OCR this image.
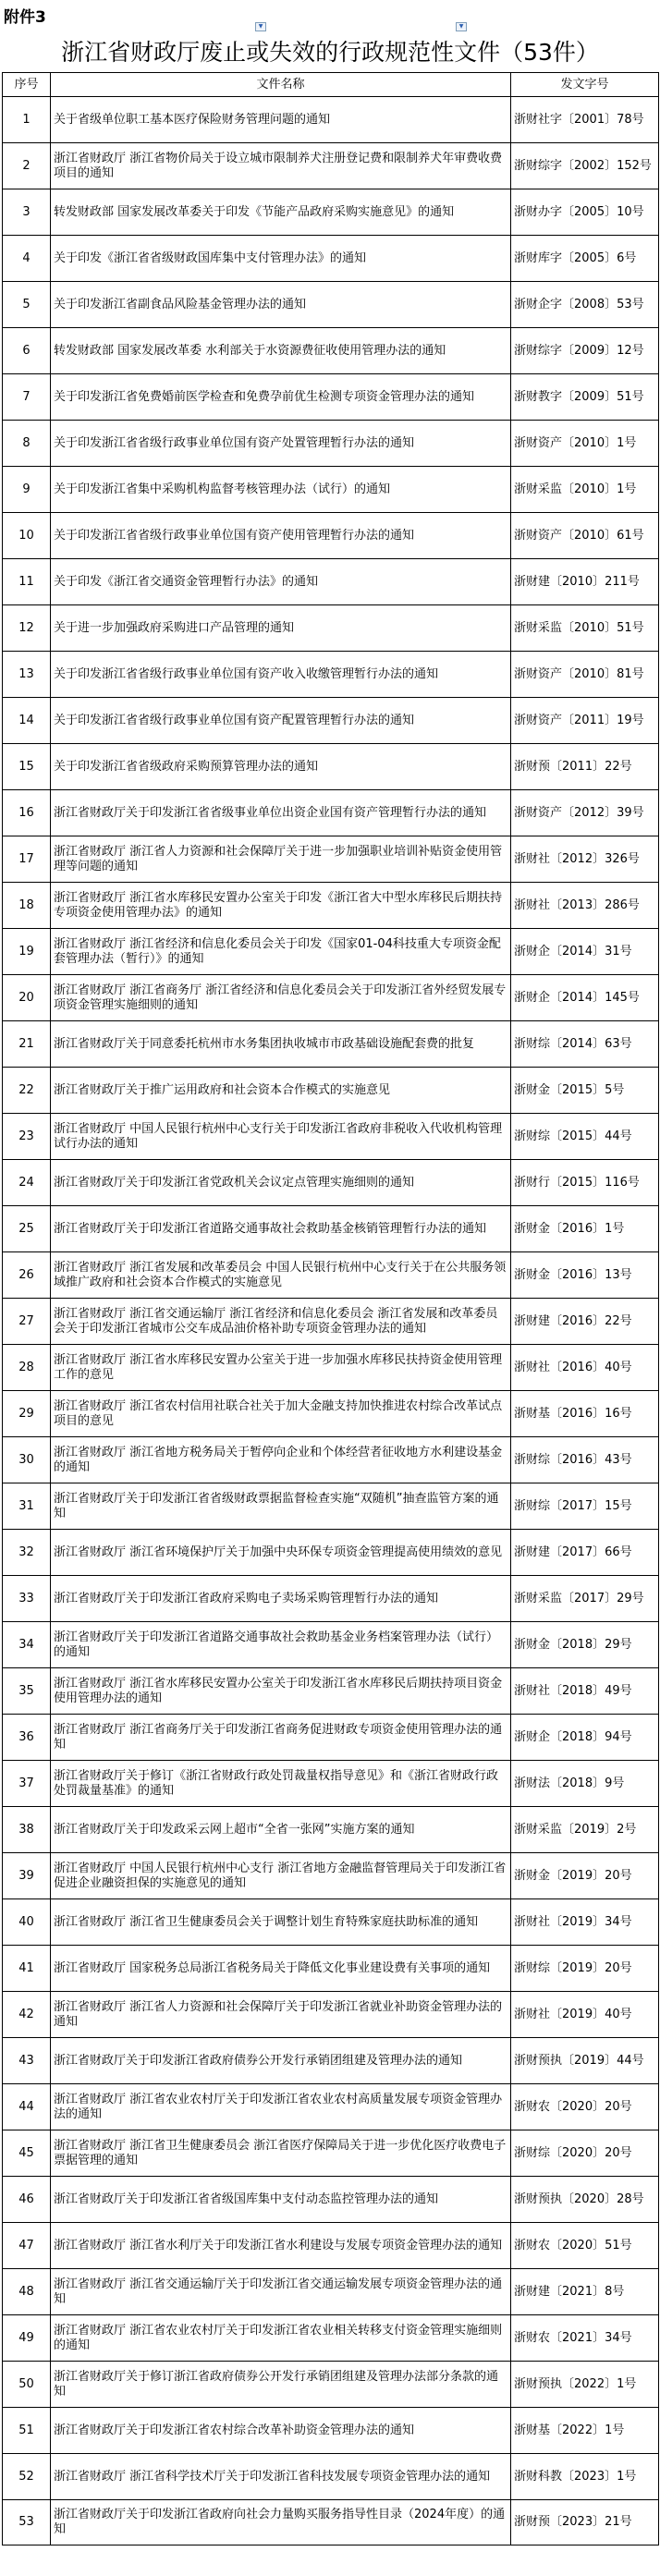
附件3	▼	▼
浙江省财政厅废止或失效的行政规范性文件（53件）
序号	文件名称	发文字号
1	关于省级单位职工基本医疗保险财务管理问题的通知	浙财社字〔2001〕78号
2	浙江省财政厅 浙江省物价局关于设立城市限制养犬注册登记费和限制养犬年审费收费项目的通知	浙财综字〔2002〕152号
3	转发财政部 国家发展改革委关于印发《节能产品政府采购实施意见》的通知	浙财办字〔2005〕10号
4	关于印发《浙江省省级财政国库集中支付管理办法》的通知	浙财库字〔2005〕6号
5	关于印发浙江省副食品风险基金管理办法的通知	浙财企字〔2008〕53号
6	转发财政部 国家发展改革委 水利部关于水资源费征收使用管理办法的通知	浙财综字〔2009〕12号
7	关于印发浙江省免费婚前医学检查和免费孕前优生检测专项资金管理办法的通知	浙财教字〔2009〕51号
8	关于印发浙江省省级行政事业单位国有资产处置管理暂行办法的通知	浙财资产〔2010〕1号
9	关于印发浙江省集中采购机构监督考核管理办法（试行）的通知	浙财采监〔2010〕1号
10	关于印发浙江省省级行政事业单位国有资产使用管理暂行办法的通知	浙财资产〔2010〕61号
11	关于印发《浙江省交通资金管理暂行办法》的通知	浙财建〔2010〕211号
12	关于进一步加强政府采购进口产品管理的通知	浙财采监〔2010〕51号
13	关于印发浙江省省级行政事业单位国有资产收入收缴管理暂行办法的通知	浙财资产〔2010〕81号
14	关于印发浙江省省级行政事业单位国有资产配置管理暂行办法的通知	浙财资产〔2011〕19号
15	关于印发浙江省省级政府采购预算管理办法的通知	浙财预〔2011〕22号
16	浙江省财政厅关于印发浙江省省级事业单位出资企业国有资产管理暂行办法的通知	浙财资产〔2012〕39号
17	浙江省财政厅 浙江省人力资源和社会保障厅关于进一步加强职业培训补贴资金使用管理等问题的通知	浙财社〔2012〕326号
18	浙江省财政厅 浙江省水库移民安置办公室关于印发《浙江省大中型水库移民后期扶持专项资金使用管理办法》的通知	浙财社〔2013〕286号
19	浙江省财政厅 浙江省经济和信息化委员会关于印发《国家01-04科技重大专项资金配套管理办法（暂行）》的通知	浙财企〔2014〕31号
20	浙江省财政厅 浙江省商务厅 浙江省经济和信息化委员会关于印发浙江省外经贸发展专项资金管理实施细则的通知	浙财企〔2014〕145号
21	浙江省财政厅关于同意委托杭州市水务集团执收城市市政基础设施配套费的批复	浙财综〔2014〕63号
22	浙江省财政厅关于推广运用政府和社会资本合作模式的实施意见	浙财金〔2015〕5号
23	浙江省财政厅 中国人民银行杭州中心支行关于印发浙江省政府非税收入代收机构管理试行办法的通知	浙财综〔2015〕44号
24	浙江省财政厅关于印发浙江省党政机关会议定点管理实施细则的通知	浙财行〔2015〕116号
25	浙江省财政厅关于印发浙江省道路交通事故社会救助基金核销管理暂行办法的通知	浙财金〔2016〕1号
26	浙江省财政厅 浙江省发展和改革委员会 中国人民银行杭州中心支行关于在公共服务领域推广政府和社会资本合作模式的实施意见	浙财金〔2016〕13号
27	浙江省财政厅 浙江省交通运输厅 浙江省经济和信息化委员会 浙江省发展和改革委员会关于印发浙江省城市公交车成品油价格补助专项资金管理办法的通知	浙财建〔2016〕22号
28	浙江省财政厅 浙江省水库移民安置办公室关于进一步加强水库移民扶持资金使用管理工作的意见	浙财社〔2016〕40号
29	浙江省财政厅 浙江省农村信用社联合社关于加大金融支持加快推进农村综合改革试点项目的意见	浙财基〔2016〕16号
30	浙江省财政厅 浙江省地方税务局关于暂停向企业和个体经营者征收地方水利建设基金的通知	浙财综〔2016〕43号
31	浙江省财政厅关于印发浙江省省级财政票据监督检查实施“双随机”抽查监管方案的通知	浙财综〔2017〕15号
32	浙江省财政厅 浙江省环境保护厅关于加强中央环保专项资金管理提高使用绩效的意见	浙财建〔2017〕66号
33	浙江省财政厅关于印发浙江省政府采购电子卖场采购管理暂行办法的通知	浙财采监〔2017〕29号
34	浙江省财政厅关于印发浙江省道路交通事故社会救助基金业务档案管理办法（试行）的通知	浙财金〔2018〕29号
35	浙江省财政厅 浙江省水库移民安置办公室关于印发浙江省水库移民后期扶持项目资金使用管理办法的通知	浙财社〔2018〕49号
36	浙江省财政厅 浙江省商务厅关于印发浙江省商务促进财政专项资金使用管理办法的通知	浙财企〔2018〕94号
37	浙江省财政厅关于修订《浙江省财政行政处罚裁量权指导意见》和《浙江省财政行政处罚裁量基准》的通知	浙财法〔2018〕9号
38	浙江省财政厅关于印发政采云网上超市“全省一张网”实施方案的通知	浙财采监〔2019〕2号
39	浙江省财政厅 中国人民银行杭州中心支行 浙江省地方金融监督管理局关于印发浙江省促进企业融资担保的实施意见的通知	浙财金〔2019〕20号
40	浙江省财政厅 浙江省卫生健康委员会关于调整计划生育特殊家庭扶助标准的通知	浙财社〔2019〕34号
41	浙江省财政厅 国家税务总局浙江省税务局关于降低文化事业建设费有关事项的通知	浙财综〔2019〕20号
42	浙江省财政厅 浙江省人力资源和社会保障厅关于印发浙江省就业补助资金管理办法的通知	浙财社〔2019〕40号
43	浙江省财政厅关于印发浙江省政府债券公开发行承销团组建及管理办法的通知	浙财预执〔2019〕44号
44	浙江省财政厅 浙江省农业农村厅关于印发浙江省农业农村高质量发展专项资金管理办法的通知	浙财农〔2020〕20号
45	浙江省财政厅 浙江省卫生健康委员会 浙江省医疗保障局关于进一步优化医疗收费电子票据管理的通知	浙财综〔2020〕20号
46	浙江省财政厅关于印发浙江省省级国库集中支付动态监控管理办法的通知	浙财预执〔2020〕28号
47	浙江省财政厅 浙江省水利厅关于印发浙江省水利建设与发展专项资金管理办法的通知	浙财农〔2020〕51号
48	浙江省财政厅 浙江省交通运输厅关于印发浙江省交通运输发展专项资金管理办法的通知	浙财建〔2021〕8号
49	浙江省财政厅 浙江省农业农村厅关于印发浙江省农业相关转移支付资金管理实施细则的通知	浙财农〔2021〕34号
50	浙江省财政厅关于修订浙江省政府债券公开发行承销团组建及管理办法部分条款的通知	浙财预执〔2022〕1号
51	浙江省财政厅关于印发浙江省农村综合改革补助资金管理办法的通知	浙财基〔2022〕1号
52	浙江省财政厅 浙江省科学技术厅关于印发浙江省科技发展专项资金管理办法的通知	浙财科教〔2023〕1号
53	浙江省财政厅关于印发浙江省政府向社会力量购买服务指导性目录（2024年度）的通知	浙财预〔2023〕21号
